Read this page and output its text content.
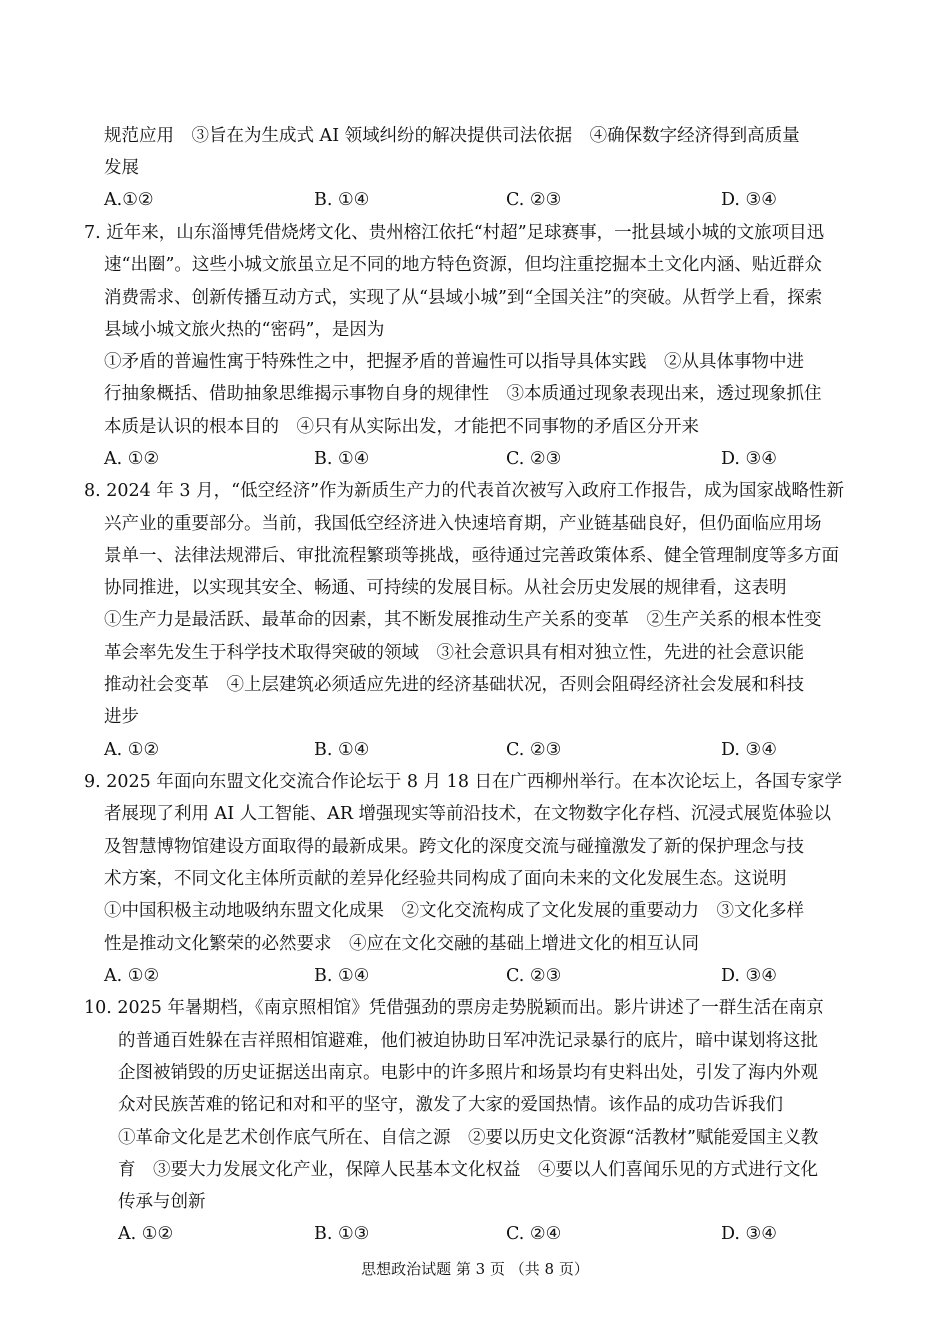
规范应用　③旨在为生成式 AI 领域纠纷的解决提供司法依据　④确保数字经济得到高质量
发展
A.①②	B. ①④	C. ②③	D. ③④
7. 近年来，山东淄博凭借烧烤文化、贵州榕江依托“村超”足球赛事，一批县域小城的文旅项目迅
速“出圈”。这些小城文旅虽立足不同的地方特色资源，但均注重挖掘本土文化内涵、贴近群众
消费需求、创新传播互动方式，实现了从“县域小城”到“全国关注”的突破。从哲学上看，探索
县域小城文旅火热的“密码”，是因为
①矛盾的普遍性寓于特殊性之中，把握矛盾的普遍性可以指导具体实践　②从具体事物中进
行抽象概括、借助抽象思维揭示事物自身的规律性　③本质通过现象表现出来，透过现象抓住
本质是认识的根本目的　④只有从实际出发，才能把不同事物的矛盾区分开来
A. ①②	B. ①④	C. ②③	D. ③④
8. 2024 年 3 月，“低空经济”作为新质生产力的代表首次被写入政府工作报告，成为国家战略性新
兴产业的重要部分。当前，我国低空经济进入快速培育期，产业链基础良好，但仍面临应用场
景单一、法律法规滞后、审批流程繁琐等挑战，亟待通过完善政策体系、健全管理制度等多方面
协同推进，以实现其安全、畅通、可持续的发展目标。从社会历史发展的规律看，这表明
①生产力是最活跃、最革命的因素，其不断发展推动生产关系的变革　②生产关系的根本性变
革会率先发生于科学技术取得突破的领域　③社会意识具有相对独立性，先进的社会意识能
推动社会变革　④上层建筑必须适应先进的经济基础状况，否则会阻碍经济社会发展和科技
进步
A. ①②	B. ①④	C. ②③	D. ③④
9. 2025 年面向东盟文化交流合作论坛于 8 月 18 日在广西柳州举行。在本次论坛上，各国专家学
者展现了利用 AI 人工智能、AR 增强现实等前沿技术，在文物数字化存档、沉浸式展览体验以
及智慧博物馆建设方面取得的最新成果。跨文化的深度交流与碰撞激发了新的保护理念与技
术方案，不同文化主体所贡献的差异化经验共同构成了面向未来的文化发展生态。这说明
①中国积极主动地吸纳东盟文化成果　②文化交流构成了文化发展的重要动力　③文化多样
性是推动文化繁荣的必然要求　④应在文化交融的基础上增进文化的相互认同
A. ①②	B. ①④	C. ②③	D. ③④
10. 2025 年暑期档，《南京照相馆》凭借强劲的票房走势脱颖而出。影片讲述了一群生活在南京
的普通百姓躲在吉祥照相馆避难，他们被迫协助日军冲洗记录暴行的底片，暗中谋划将这批
企图被销毁的历史证据送出南京。电影中的许多照片和场景均有史料出处，引发了海内外观
众对民族苦难的铭记和对和平的坚守，激发了大家的爱国热情。该作品的成功告诉我们
①革命文化是艺术创作底气所在、自信之源　②要以历史文化资源“活教材”赋能爱国主义教
育　③要大力发展文化产业，保障人民基本文化权益　④要以人们喜闻乐见的方式进行文化
传承与创新
A. ①②	B. ①③	C. ②④	D. ③④
思想政治试题 第 3 页 （共 8 页）
